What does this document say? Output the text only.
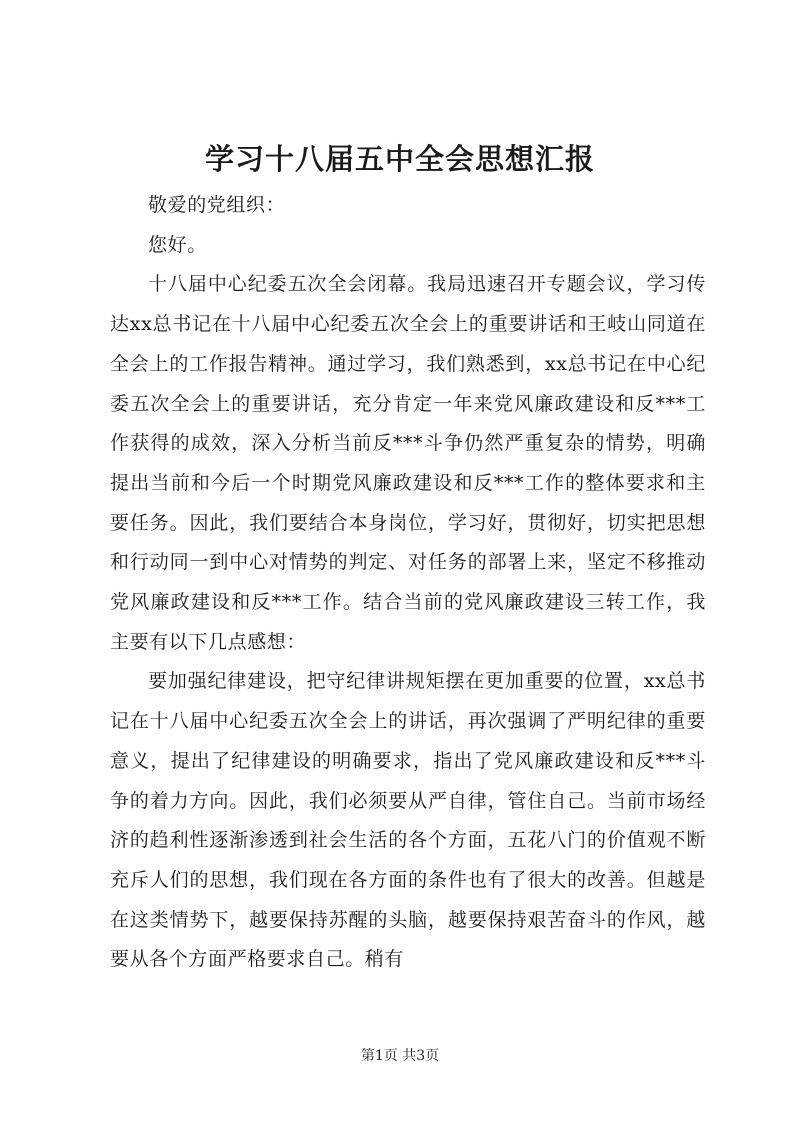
学习十八届五中全会思想汇报

敬爱的党组织：

您好。

十八届中心纪委五次全会闭幕。我局迅速召开专题会议，学习传达xx总书记在十八届中心纪委五次全会上的重要讲话和王岐山同道在全会上的工作报告精神。通过学习，我们熟悉到，xx总书记在中心纪委五次全会上的重要讲话，充分肯定一年来党风廉政建设和反***工作获得的成效，深入分析当前反***斗争仍然严重复杂的情势，明确提出当前和今后一个时期党风廉政建设和反***工作的整体要求和主要任务。因此，我们要结合本身岗位，学习好，贯彻好，切实把思想和行动同一到中心对情势的判定、对任务的部署上来，坚定不移推动党风廉政建设和反***工作。结合当前的党风廉政建设三转工作，我主要有以下几点感想：

要加强纪律建设，把守纪律讲规矩摆在更加重要的位置，xx总书记在十八届中心纪委五次全会上的讲话，再次强调了严明纪律的重要意义，提出了纪律建设的明确要求，指出了党风廉政建设和反***斗争的着力方向。因此，我们必须要从严自律，管住自己。当前市场经济的趋利性逐渐渗透到社会生活的各个方面，五花八门的价值观不断充斥人们的思想，我们现在各方面的条件也有了很大的改善。但越是在这类情势下，越要保持苏醒的头脑，越要保持艰苦奋斗的作风，越要从各个方面严格要求自己。稍有

第1页 共3页
